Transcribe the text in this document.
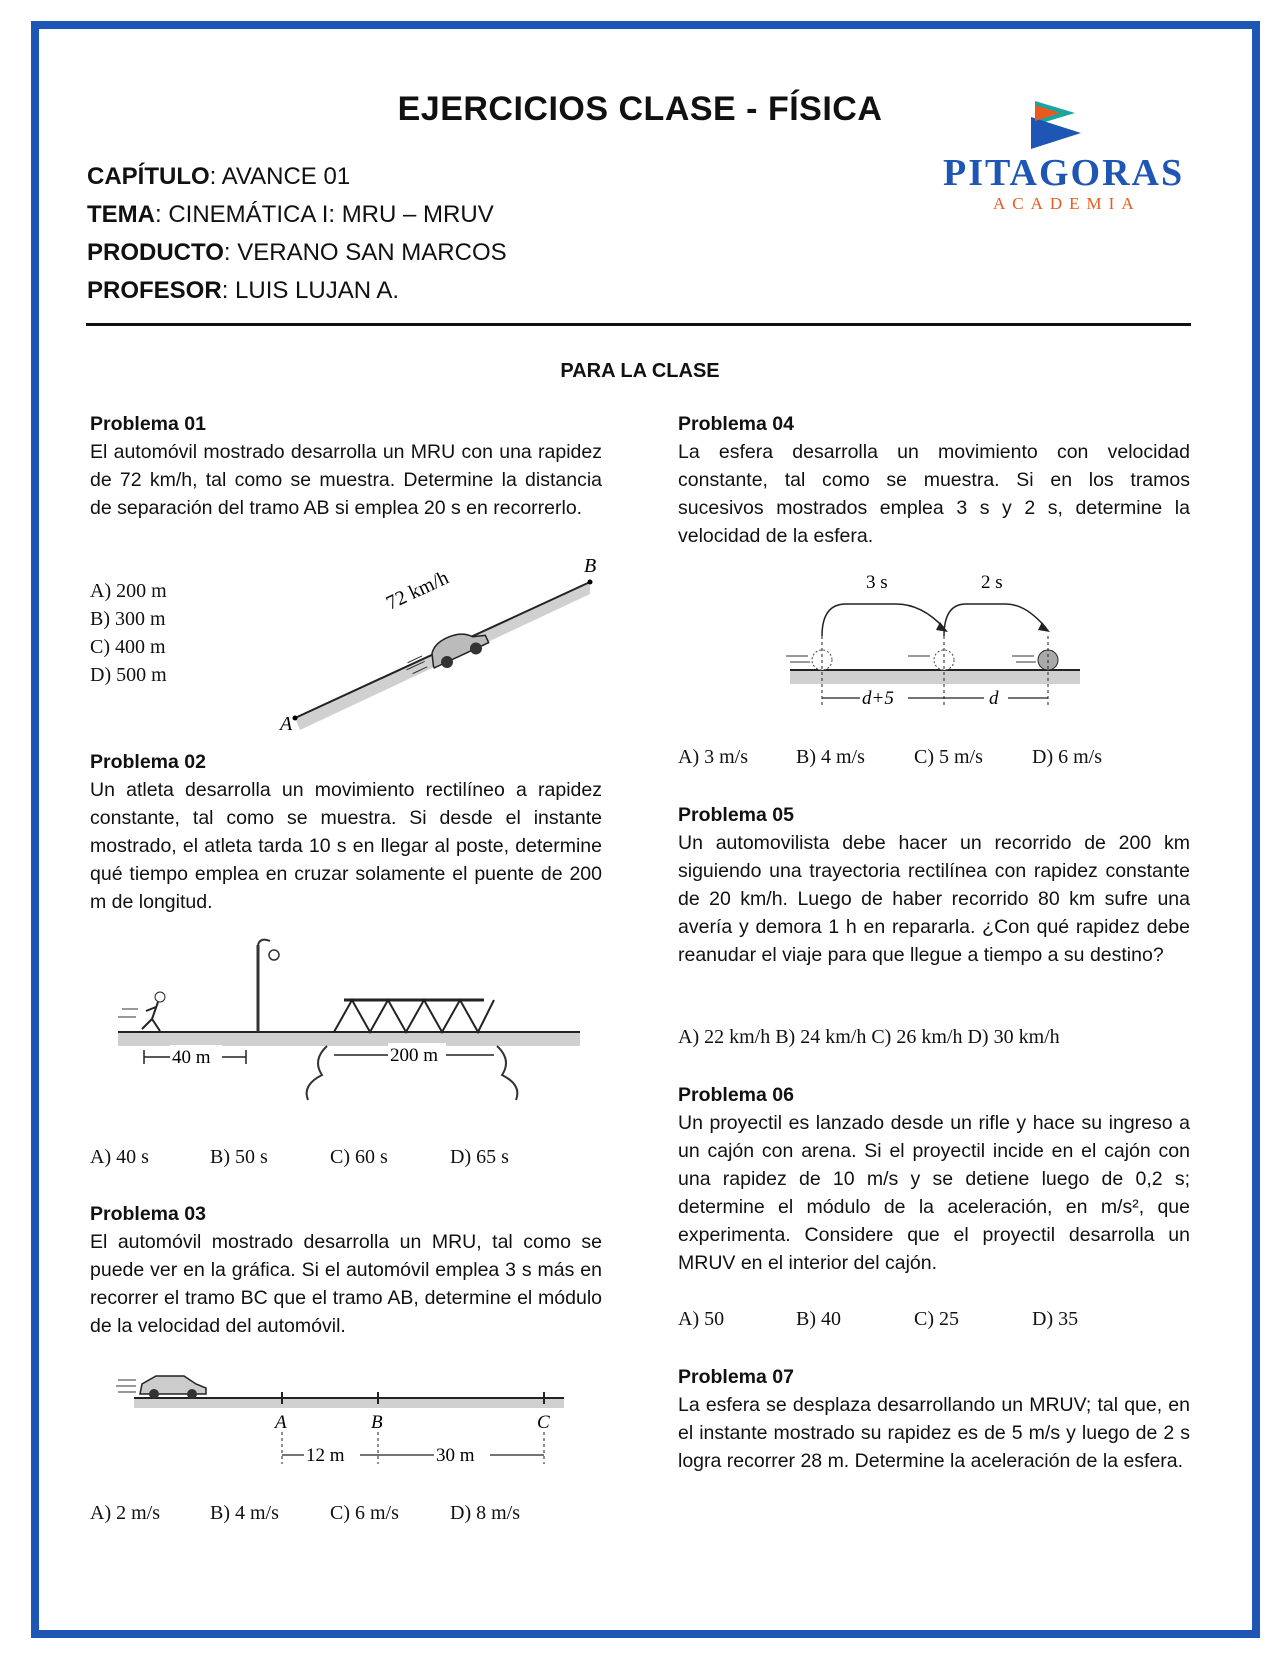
EJERCICIOS CLASE - FÍSICA
CAPÍTULO: AVANCE 01
TEMA: CINEMÁTICA I: MRU – MRUV
PRODUCTO: VERANO SAN MARCOS
PROFESOR: LUIS LUJAN A.
PITAGORAS
ACADEMIA
PARA LA CLASE
Problema 01

El automóvil mostrado desarrolla un MRU con una rapidez de 72 km/h, tal como se muestra. Determine la distancia de separación del tramo AB si emplea 20 s en recorrerlo.

A) 200 m
B) 300 m
C) 400 m
D) 500 m
A
B
72 km/h
Problema 02

Un atleta desarrolla un movimiento rectilíneo a rapidez constante, tal como se muestra. Si desde el instante mostrado, el atleta tarda 10 s en llegar al poste, determine qué tiempo emplea en cruzar solamente el puente de 200 m de longitud.

40 m	200 m
A) 40 s	B) 50 s	C) 60 s	D) 65 s
Problema 03

El automóvil mostrado desarrolla un MRU, tal como se puede ver en la gráfica. Si el automóvil emplea 3 s más en recorrer el tramo BC que el tramo AB, determine el módulo de la velocidad del automóvil.

A	B	C
12 m	30 m
A) 2 m/s	B) 4 m/s	C) 6 m/s	D) 8 m/s
Problema 04

La esfera desarrolla un movimiento con velocidad constante, tal como se muestra. Si en los tramos sucesivos mostrados emplea 3 s y 2 s, determine la velocidad de la esfera.

3 s	2 s
d+5	d
A) 3 m/s B) 4 m/s C) 5 m/s D) 6 m/s
Problema 05

Un automovilista debe hacer un recorrido de 200 km siguiendo una trayectoria rectilínea con rapidez constante de 20 km/h. Luego de haber recorrido 80 km sufre una avería y demora 1 h en repararla. ¿Con qué rapidez debe reanudar el viaje para que llegue a tiempo a su destino?

A) 22 km/h B) 24 km/h C) 26 km/h D) 30 km/h
Problema 06

Un proyectil es lanzado desde un rifle y hace su ingreso a un cajón con arena. Si el proyectil incide en el cajón con una rapidez de 10 m/s y se detiene luego de 0,2 s; determine el módulo de la aceleración, en m/s², que experimenta. Considere que el proyectil desarrolla un MRUV en el interior del cajón.

A) 50	B) 40	C) 25	D) 35
Problema 07

La esfera se desplaza desarrollando un MRUV; tal que, en el instante mostrado su rapidez es de 5 m/s y luego de 2 s logra recorrer 28 m. Determine la aceleración de la esfera.
